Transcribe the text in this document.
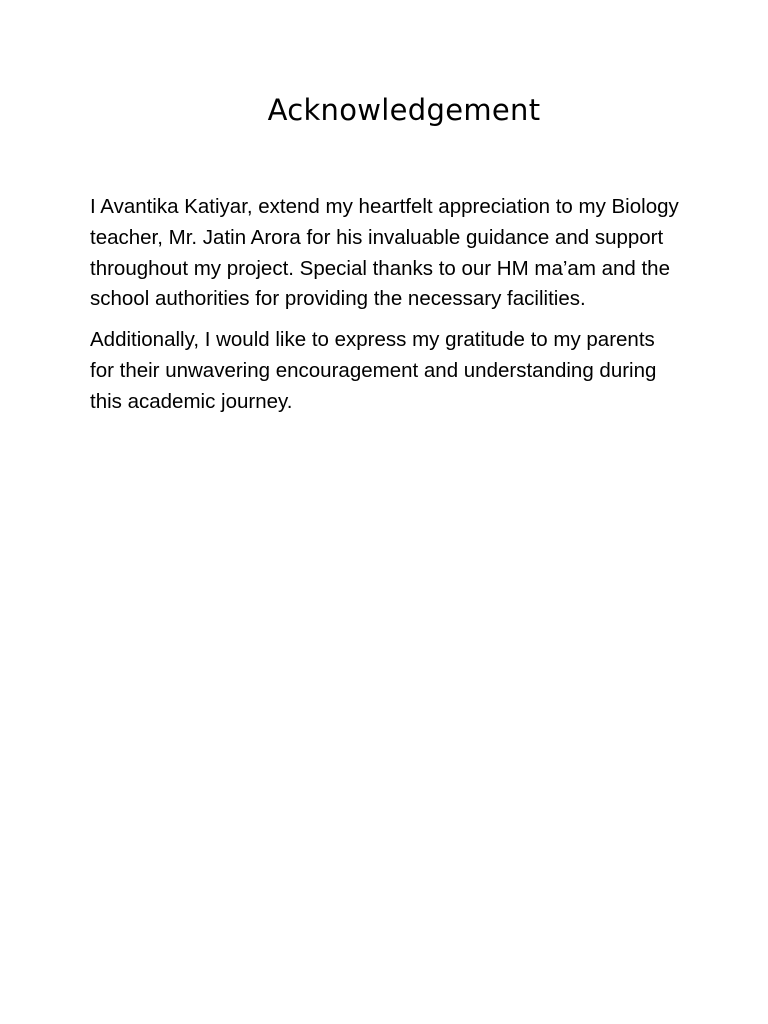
Acknowledgement

I Avantika Katiyar, extend my heartfelt appreciation to my Biology teacher, Mr. Jatin Arora for his invaluable guidance and support throughout my project. Special thanks to our HM ma’am and the school authorities for providing the necessary facilities.

Additionally, I would like to express my gratitude to my parents for their unwavering encouragement and understanding during this academic journey.
